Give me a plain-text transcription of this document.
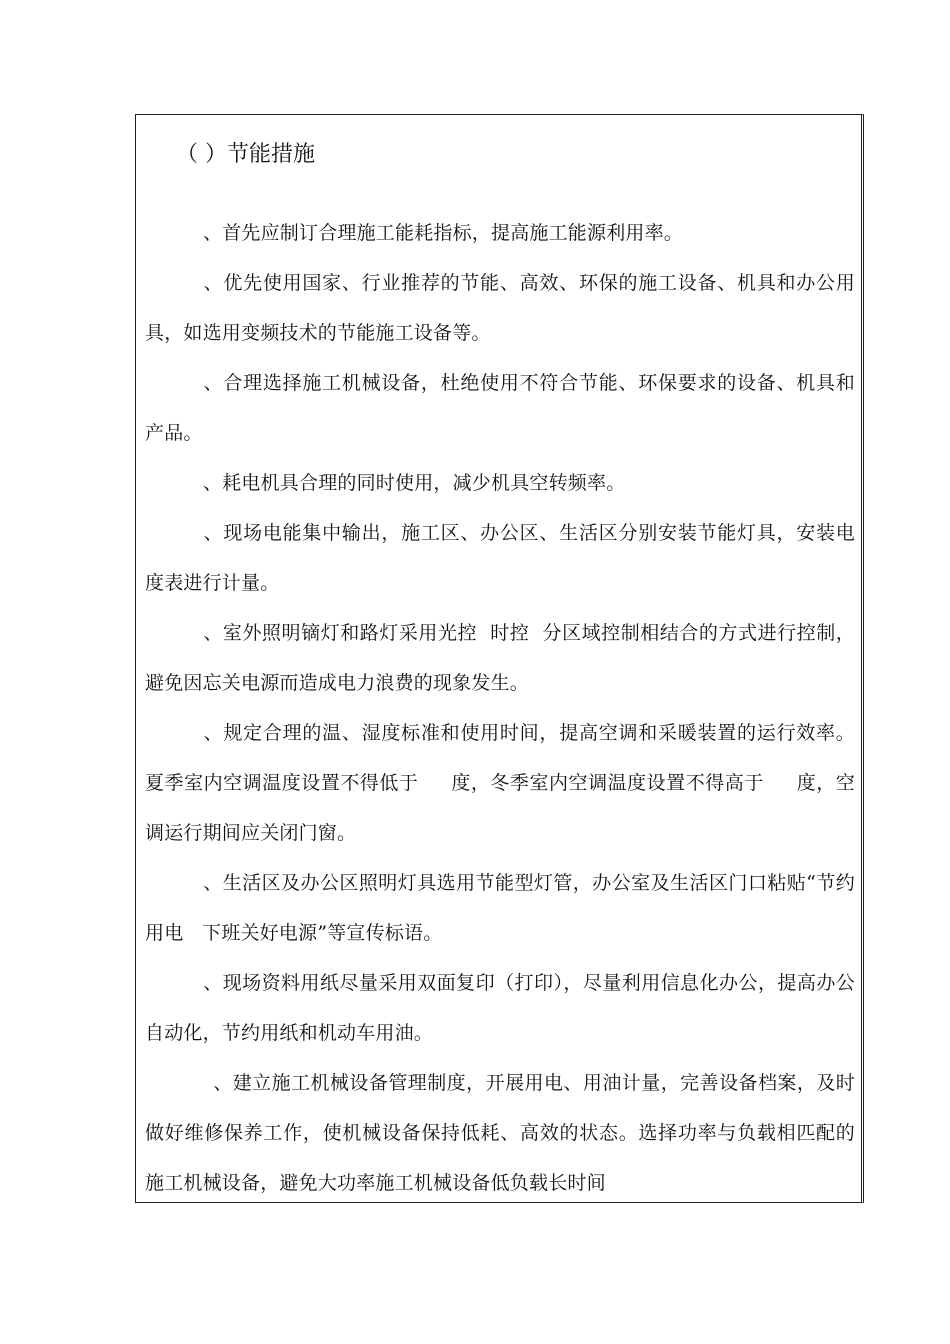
（ ）节能措施

、首先应制订合理施工能耗指标，提高施工能源利用率。

、优先使用国家、行业推荐的节能、高效、环保的施工设备、机具和办公用具，如选用变频技术的节能施工设备等。

、合理选择施工机械设备，杜绝使用不符合节能、环保要求的设备、机具和产品。

、耗电机具合理的同时使用，减少机具空转频率。

、现场电能集中输出，施工区、办公区、生活区分别安装节能灯具，安装电度表进行计量。

、室外照明镝灯和路灯采用光控  时控  分区域控制相结合的方式进行控制，避免因忘关电源而造成电力浪费的现象发生。

、规定合理的温、湿度标准和使用时间，提高空调和采暖装置的运行效率。夏季室内空调温度设置不得低于     度，冬季室内空调温度设置不得高于     度，空调运行期间应关闭门窗。

、生活区及办公区照明灯具选用节能型灯管，办公室及生活区门口粘贴“节约用电   下班关好电源”等宣传标语。

、现场资料用纸尽量采用双面复印（打印），尽量利用信息化办公，提高办公自动化，节约用纸和机动车用油。

、建立施工机械设备管理制度，开展用电、用油计量，完善设备档案，及时做好维修保养工作，使机械设备保持低耗、高效的状态。选择功率与负载相匹配的施工机械设备，避免大功率施工机械设备低负载长时间
